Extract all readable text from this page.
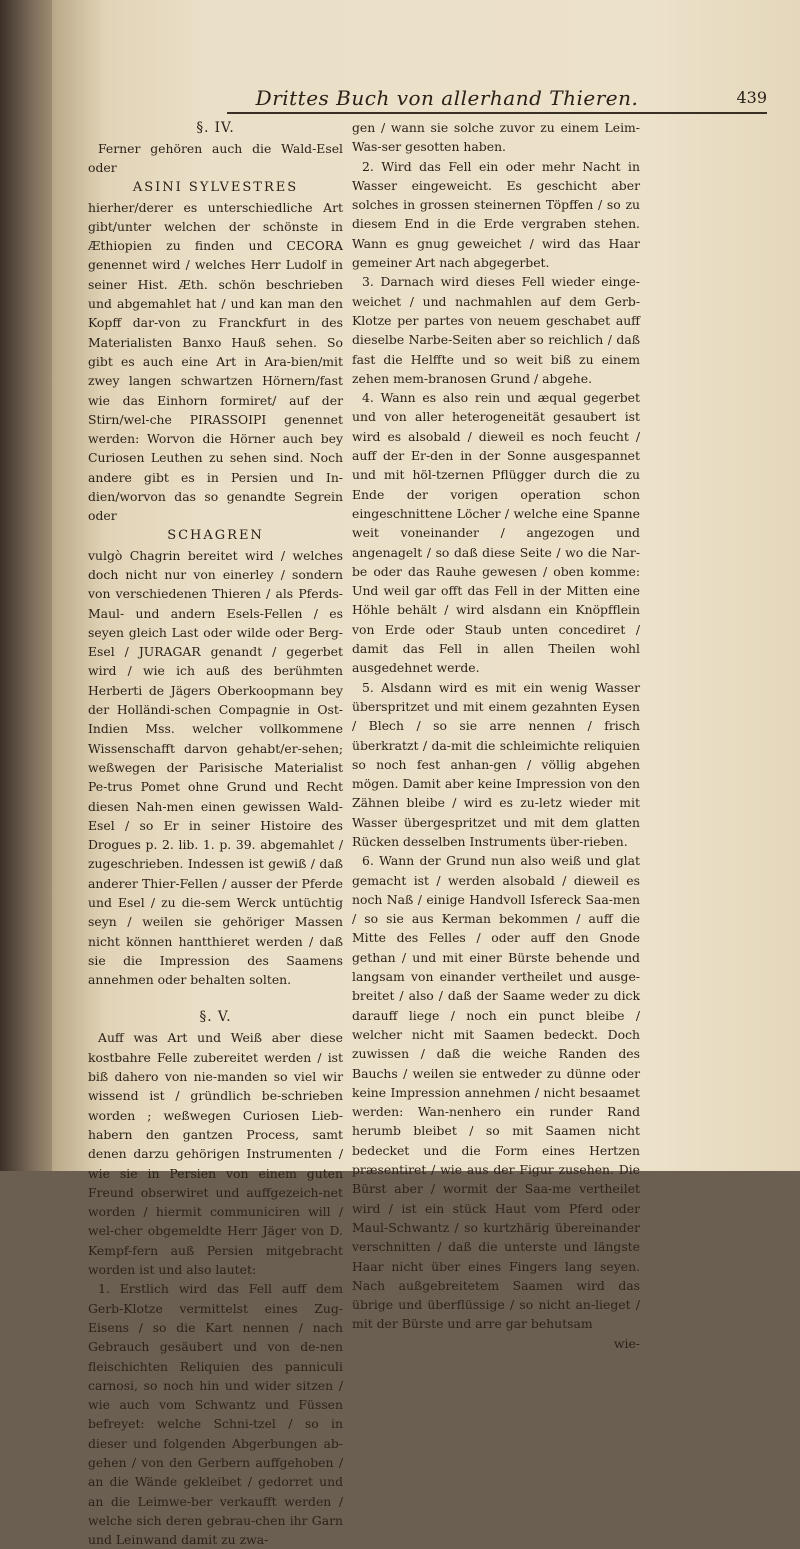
Drittes Buch von allerhand Thieren.	439

§. IV.

Ferner gehören auch die Wald-Esel oder

ASINI SYLVESTRES

hierher/derer es unterschiedliche Art gibt/unter welchen der schönste in Æthiopien zu finden und CECORA genennet wird / welches Herr Ludolf in seiner Hist. Æth. schön beschrieben und abgemahlet hat / und kan man den Kopff dar-von zu Franckfurt in des Materialisten Banxo Hauß sehen. So gibt es auch eine Art in Ara-bien/mit zwey langen schwartzen Hörnern/fast wie das Einhorn formiret/ auf der Stirn/wel-che PIRASSOIPI genennet werden: Worvon die Hörner auch bey Curiosen Leuthen zu sehen sind. Noch andere gibt es in Persien und In-dien/worvon das so genandte Segrein oder

SCHAGREN

vulgò Chagrin bereitet wird / welches doch nicht nur von einerley / sondern von verschiedenen Thieren / als Pferds-Maul- und andern Esels-Fellen / es seyen gleich Last oder wilde oder Berg-Esel / JURAGAR genandt / gegerbet wird / wie ich auß des berühmten Herberti de Jägers Oberkoopmann bey der Holländi-schen Compagnie in Ost-Indien Mss. welcher vollkommene Wissenschafft darvon gehabt/er-sehen; weßwegen der Parisische Materialist Pe-trus Pomet ohne Grund und Recht diesen Nah-men einen gewissen Wald-Esel / so Er in seiner Histoire des Drogues p. 2. lib. 1. p. 39. abgemahlet / zugeschrieben. Indessen ist gewiß / daß anderer Thier-Fellen / ausser der Pferde und Esel / zu die-sem Werck untüchtig seyn / weilen sie gehöriger Massen nicht können hantthieret werden / daß sie die Impression des Saamens annehmen oder behalten solten.

§. V.

Auff was Art und Weiß aber diese kostbahre Felle zubereitet werden / ist biß dahero von nie-manden so viel wir wissend ist / gründlich be-schrieben worden ; weßwegen Curiosen Lieb-habern den gantzen Process, samt denen darzu gehörigen Instrumenten / wie sie in Persien von einem guten Freund obserwiret und auffgezeich-net worden / hiermit communiciren will / wel-cher obgemeldte Herr Jäger von D. Kempf-fern auß Persien mitgebracht worden ist und also lautet:

1. Erstlich wird das Fell auff dem Gerb-Klotze vermittelst eines Zug-Eisens / so die Kart nennen / nach Gebrauch gesäubert und von de-nen fleischichten Reliquien des panniculi carnosi, so noch hin und wider sitzen / wie auch vom Schwantz und Füssen befreyet: welche Schni-tzel / so in dieser und folgenden Abgerbungen ab-gehen / von den Gerbern auffgehoben / an die Wände gekleibet / gedorret und an die Leimwe-ber verkaufft werden / welche sich deren gebrau-chen ihr Garn und Leinwand damit zu zwa-

gen / wann sie solche zuvor zu einem Leim-Was-ser gesotten haben.

2. Wird das Fell ein oder mehr Nacht in Wasser eingeweicht. Es geschicht aber solches in grossen steinernen Töpffen / so zu diesem End in die Erde vergraben stehen. Wann es gnug geweichet / wird das Haar gemeiner Art nach abgegerbet.

3. Darnach wird dieses Fell wieder einge-weichet / und nachmahlen auf dem Gerb-Klotze per partes von neuem geschabet auff dieselbe Narbe-Seiten aber so reichlich / daß fast die Helffte und so weit biß zu einem zehen mem-branosen Grund / abgehe.

4. Wann es also rein und æqual gegerbet und von aller heterogeneität gesaubert ist wird es alsobald / dieweil es noch feucht / auff der Er-den in der Sonne ausgespannet und mit höl-tzernen Pflügger durch die zu Ende der vorigen operation schon eingeschnittene Löcher / welche eine Spanne weit voneinander / angezogen und angenagelt / so daß diese Seite / wo die Nar-be oder das Rauhe gewesen / oben komme: Und weil gar offt das Fell in der Mitten eine Höhle behält / wird alsdann ein Knöpfflein von Erde oder Staub unten concediret / damit das Fell in allen Theilen wohl ausgedehnet werde.

5. Alsdann wird es mit ein wenig Wasser überspritzet und mit einem gezahnten Eysen / Blech / so sie arre nennen / frisch überkratzt / da-mit die schleimichte reliquien so noch fest anhan-gen / völlig abgehen mögen. Damit aber keine Impression von den Zähnen bleibe / wird es zu-letz wieder mit Wasser übergespritzet und mit dem glatten Rücken desselben Instruments über-rieben.

6. Wann der Grund nun also weiß und glat gemacht ist / werden alsobald / dieweil es noch Naß / einige Handvoll Isfereck Saa-men / so sie aus Kerman bekommen / auff die Mitte des Felles / oder auff den Gnode gethan / und mit einer Bürste behende und langsam von einander vertheilet und ausge-breitet / also / daß der Saame weder zu dick darauff liege / noch ein punct bleibe / welcher nicht mit Saamen bedeckt. Doch zuwissen / daß die weiche Randen des Bauchs / weilen sie entweder zu dünne oder keine Impression annehmen / nicht besaamet werden: Wan-nenhero ein runder Rand herumb bleibet / so mit Saamen nicht bedecket und die Form eines Hertzen præsentiret / wie aus der Figur zusehen. Die Bürst aber / wormit der Saa-me vertheilet wird / ist ein stück Haut vom Pferd oder Maul-Schwantz / so kurtzhärig übereinander verschnitten / daß die unterste und längste Haar nicht über eines Fingers lang seyen. Nach außgebreitetem Saamen wird das übrige und überflüssige / so nicht an-lieget / mit der Bürste und arre gar behutsam

wie-
